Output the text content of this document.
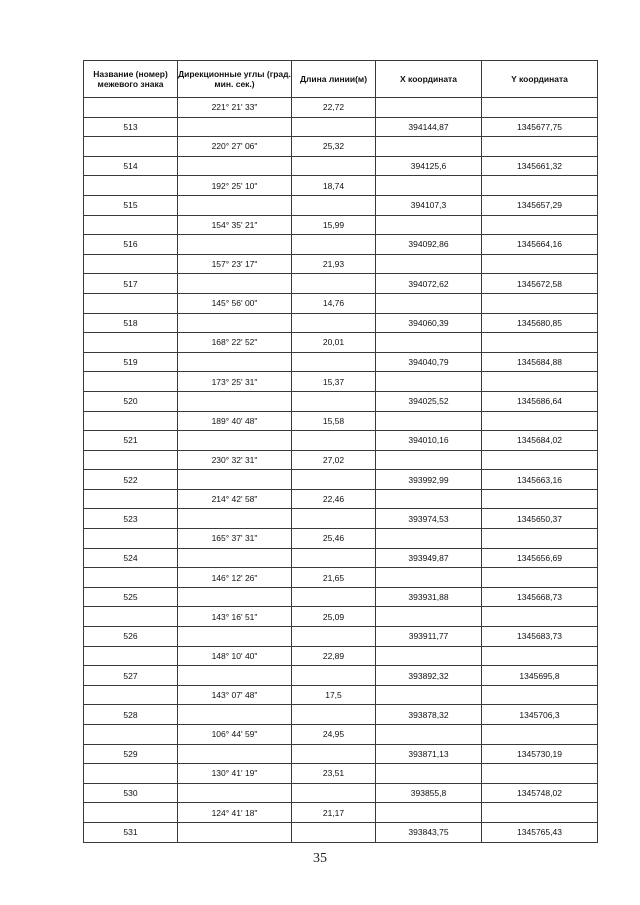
Название (номер) межевого знака	Дирекционные углы (град. мин. сек.)	Длина линии(м)	X координата	Y координата
	221° 21' 33"	22,72		
513			394144,87	1345677,75
	220° 27' 06"	25,32		
514			394125,6	1345661,32
	192° 25' 10"	18,74		
515			394107,3	1345657,29
	154° 35' 21"	15,99		
516			394092,86	1345664,16
	157° 23' 17"	21,93		
517			394072,62	1345672,58
	145° 56' 00"	14,76		
518			394060,39	1345680,85
	168° 22' 52"	20,01		
519			394040,79	1345684,88
	173° 25' 31"	15,37		
520			394025,52	1345686,64
	189° 40' 48"	15,58		
521			394010,16	1345684,02
	230° 32' 31"	27,02		
522			393992,99	1345663,16
	214° 42' 58"	22,46		
523			393974,53	1345650,37
	165° 37' 31"	25,46		
524			393949,87	1345656,69
	146° 12' 26"	21,65		
525			393931,88	1345668,73
	143° 16' 51"	25,09		
526			393911,77	1345683,73
	148° 10' 40"	22,89		
527			393892,32	1345695,8
	143° 07' 48"	17,5		
528			393878,32	1345706,3
	106° 44' 59"	24,95		
529			393871,13	1345730,19
	130° 41' 19"	23,51		
530			393855,8	1345748,02
	124° 41' 18"	21,17		
531			393843,75	1345765,43
35
